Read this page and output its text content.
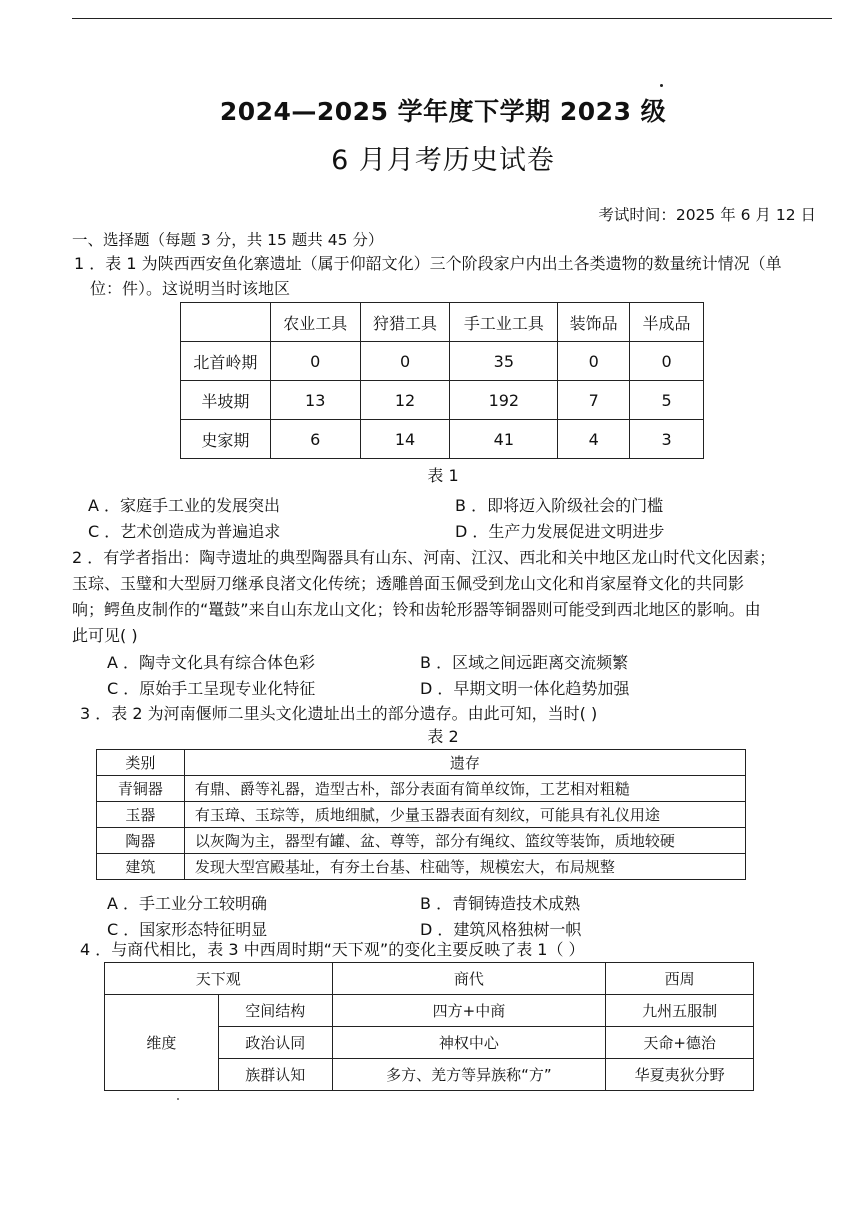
2024—2025 学年度下学期 2023 级
6 月月考历史试卷
考试时间：2025 年 6 月 12 日
一、选择题（每题 3 分，共 15 题共 45 分）
1 ．表 1 为陕西西安鱼化寨遗址（属于仰韶文化）三个阶段家户内出土各类遗物的数量统计情况（单
位：件）。这说明当时该地区
	农业工具	狩猎工具	手工业工具	装饰品	半成品
北首岭期	0	0	35	0	0
半坡期	13	12	192	7	5
史家期	6	14	41	4	3
表 1
A ．家庭手工业的发展突出	B ．即将迈入阶级社会的门槛
C ．艺术创造成为普遍追求	D ．生产力发展促进文明进步
2 ．有学者指出：陶寺遗址的典型陶器具有山东、河南、江汉、西北和关中地区龙山时代文化因素；
玉琮、玉璧和大型厨刀继承良渚文化传统；透雕兽面玉佩受到龙山文化和肖家屋脊文化的共同影
响；鳄鱼皮制作的“鼍鼓”来自山东龙山文化；铃和齿轮形器等铜器则可能受到西北地区的影响。由
此可见( )
A ．陶寺文化具有综合体色彩	B ．区域之间远距离交流频繁
C ．原始手工呈现专业化特征	D ．早期文明一体化趋势加强
3 ．表 2 为河南偃师二里头文化遗址出土的部分遗存。由此可知，当时( )
表 2
类别	遗存
青铜器	有鼎、爵等礼器，造型古朴，部分表面有简单纹饰，工艺相对粗糙
玉器	有玉璋、玉琮等，质地细腻，少量玉器表面有刻纹，可能具有礼仪用途
陶器	以灰陶为主，器型有罐、盆、尊等，部分有绳纹、篮纹等装饰，质地较硬
建筑	发现大型宫殿基址，有夯土台基、柱础等，规模宏大，布局规整
A ．手工业分工较明确	B ．青铜铸造技术成熟
C ．国家形态特征明显	D ．建筑风格独树一帜
4 ．与商代相比，表 3 中西周时期“天下观”的变化主要反映了表 1（ ）
天下观		商代	西周
维度	空间结构	四方+中商	九州五服制
	政治认同	神权中心	天命+德治
	族群认知	多方、羌方等异族称“方”	华夏夷狄分野
